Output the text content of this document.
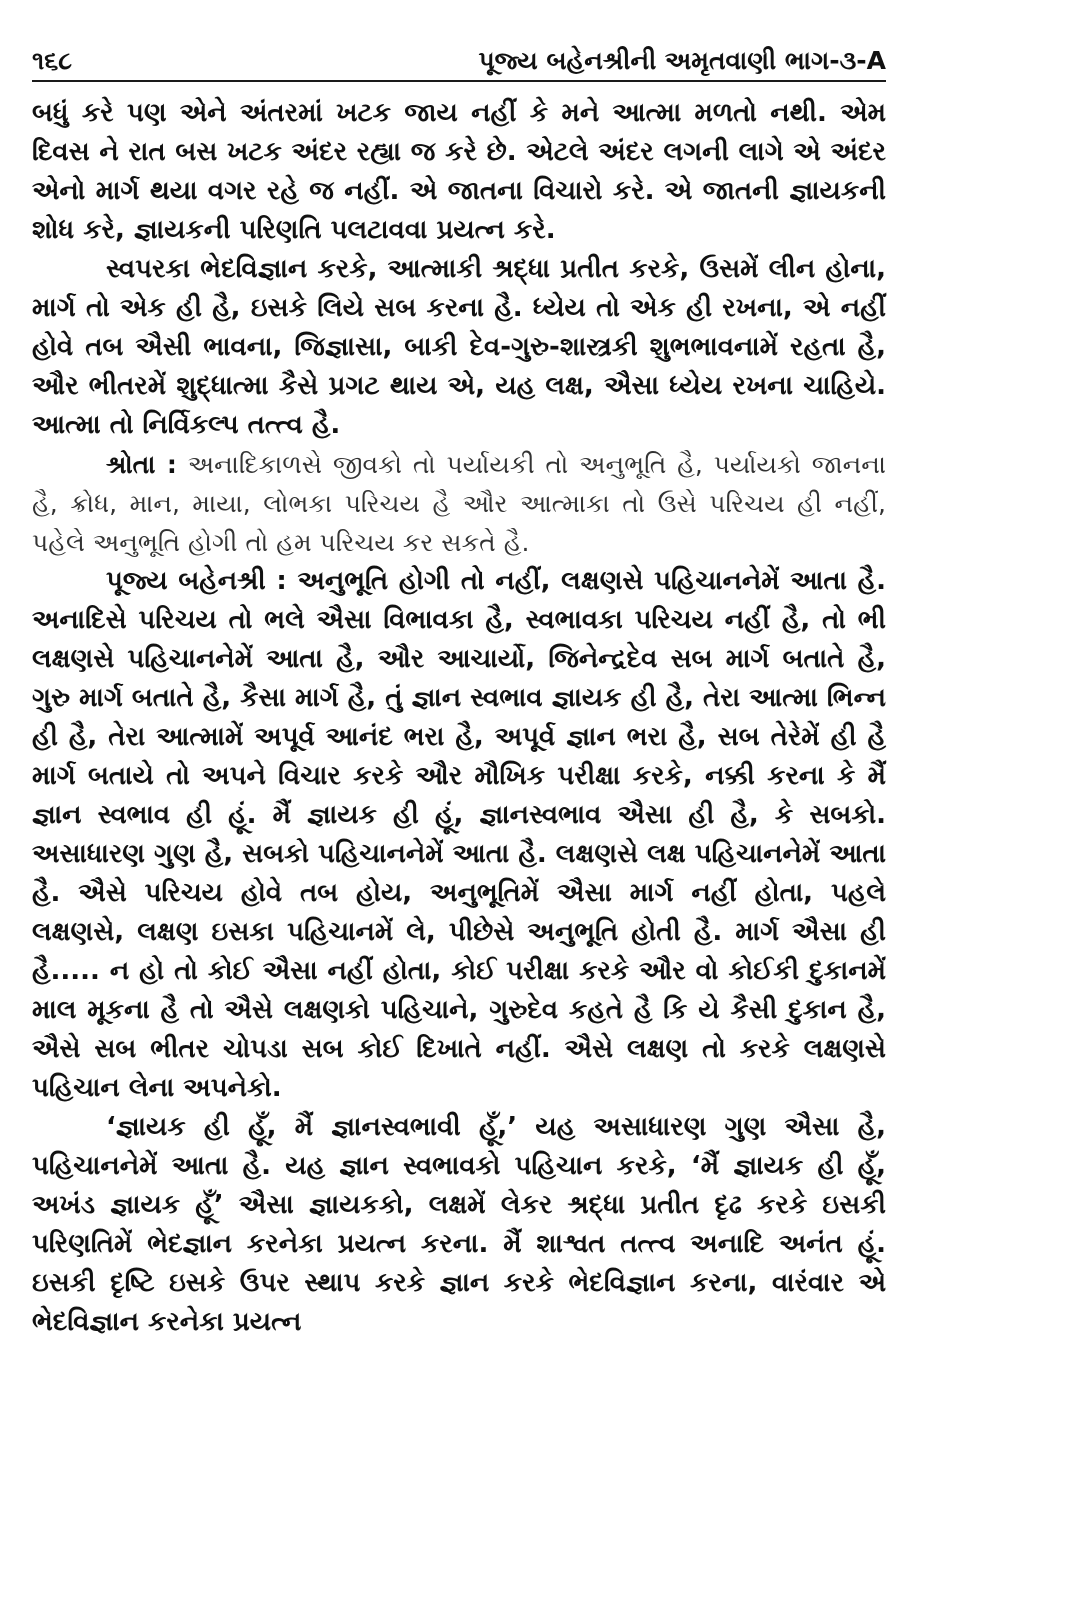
૧૬૮	પૂજ્ય બહેનશ્રીની અમૃતવાણી ભાગ-૩-A

બધું કરે પણ એને અંતરમાં ખટક જાય નહીં કે મને આત્મા મળતો નથી. એમ દિવસ ને રાત બસ ખટક અંદર રહ્યા જ કરે છે. એટલે અંદર લગની લાગે એ અંદર એનો માર્ગ થયા વગર રહે જ નહીં. એ જાતના વિચારો કરે. એ જાતની જ્ઞાયકની શોધ કરે, જ્ઞાયકની પરિણતિ પલટાવવા પ્રયત્ન કરે.

સ્વપરકા ભેદવિજ્ઞાન કરકે, આત્માકી શ્રદ્ધા પ્રતીત કરકે, ઉસમેં લીન હોના, માર્ગ તો એક હી હૈ, ઇસકે લિયે સબ કરના હૈ. ધ્યેય તો એક હી રખના, એ નહીં હોવે તબ ઐસી ભાવના, જિજ્ઞાસા, બાકી દેવ-ગુરુ-શાસ્ત્રકી શુભભાવનામેં રહતા હૈ, ઔર ભીતરમેં શુદ્ધાત્મા કૈસે પ્રગટ થાય એ, યહ લક્ષ, ઐસા ધ્યેય રખના ચાહિયે. આત્મા તો નિર્વિકલ્પ તત્ત્વ હૈ.

શ્રોતા : અનાદિકાળસે જીવકો તો પર્યાયકી તો અનુભૂતિ હૈ, પર્યાયકો જાનના હૈ, ક્રોધ, માન, માયા, લોભકા પરિચય હૈ ઔર આત્માકા તો ઉસે પરિચય હી નહીં, પહેલે અનુભૂતિ હોગી તો હમ પરિચય કર સકતે હૈ.

પૂજ્ય બહેનશ્રી : અનુભૂતિ હોગી તો નહીં, લક્ષણસે પહિચાનનેમેં આતા હૈ. અનાદિસે પરિચય તો ભલે ઐસા વિભાવકા હૈ, સ્વભાવકા પરિચય નહીં હૈ, તો ભી લક્ષણસે પહિચાનનેમેં આતા હૈ, ઔર આચાર્યો, જિનેન્દ્રદેવ સબ માર્ગ બતાતે હૈ, ગુરુ માર્ગ બતાતે હૈ, કૈસા માર્ગ હૈ, તું જ્ઞાન સ્વભાવ જ્ઞાયક હી હૈ, તેરા આત્મા ભિન્ન હી હૈ, તેરા આત્મામેં અપૂર્વ આનંદ ભરા હૈ, અપૂર્વ જ્ઞાન ભરા હૈ, સબ તેરેમેં હી હૈ માર્ગ બતાયે તો અપને વિચાર કરકે ઔર મૌખિક પરીક્ષા કરકે, નક્કી કરના કે મૈં જ્ઞાન સ્વભાવ હી હૂં. મૈં જ્ઞાયક હી હૂં, જ્ઞાનસ્વભાવ ઐસા હી હૈ, કે સબકો. અસાધારણ ગુણ હૈ, સબકો પહિચાનનેમેં આતા હૈ. લક્ષણસે લક્ષ પહિચાનનેમેં આતા હૈ. ઐસે પરિચય હોવે તબ હોય, અનુભૂતિમેં ઐસા માર્ગ નહીં હોતા, પહલે લક્ષણસે, લક્ષણ ઇસકા પહિચાનમેં લે, પીછેસે અનુભૂતિ હોતી હૈ. માર્ગ ઐસા હી હૈ..... ન હો તો કોઈ ઐસા નહીં હોતા, કોઈ પરીક્ષા કરકે ઔર વો કોઈકી દુકાનમેં માલ મૂકના હૈ તો ઐસે લક્ષણકો પહિચાને, ગુરુદેવ કહતે હૈ કિ યે કૈસી દુકાન હૈ, ઐસે સબ ભીતર ચોપડા સબ કોઈ દિખાતે નહીં. ઐસે લક્ષણ તો કરકે લક્ષણસે પહિચાન લેના અપનેકો.

‘જ્ઞાયક હી હૂઁ, મૈં જ્ઞાનસ્વભાવી હૂઁ,’ યહ અસાધારણ ગુણ ઐસા હૈ, પહિચાનનેમેં આતા હૈ. યહ જ્ઞાન સ્વભાવકો પહિચાન કરકે, ‘મૈં જ્ઞાયક હી હૂઁ, અખંડ જ્ઞાયક હૂઁ’ ઐસા જ્ઞાયકકો, લક્ષમેં લેકર શ્રદ્ધા પ્રતીત દૃઢ કરકે ઇસકી પરિણતિમેં ભેદજ્ઞાન કરનેકા પ્રયત્ન કરના. મૈં શાશ્વત તત્ત્વ અનાદિ અનંત હૂં. ઇસકી દૃષ્ટિ ઇસકે ઉપર સ્થાપ કરકે જ્ઞાન કરકે ભેદવિજ્ઞાન કરના, વારંવાર એ ભેદવિજ્ઞાન કરનેકા પ્રયત્ન
